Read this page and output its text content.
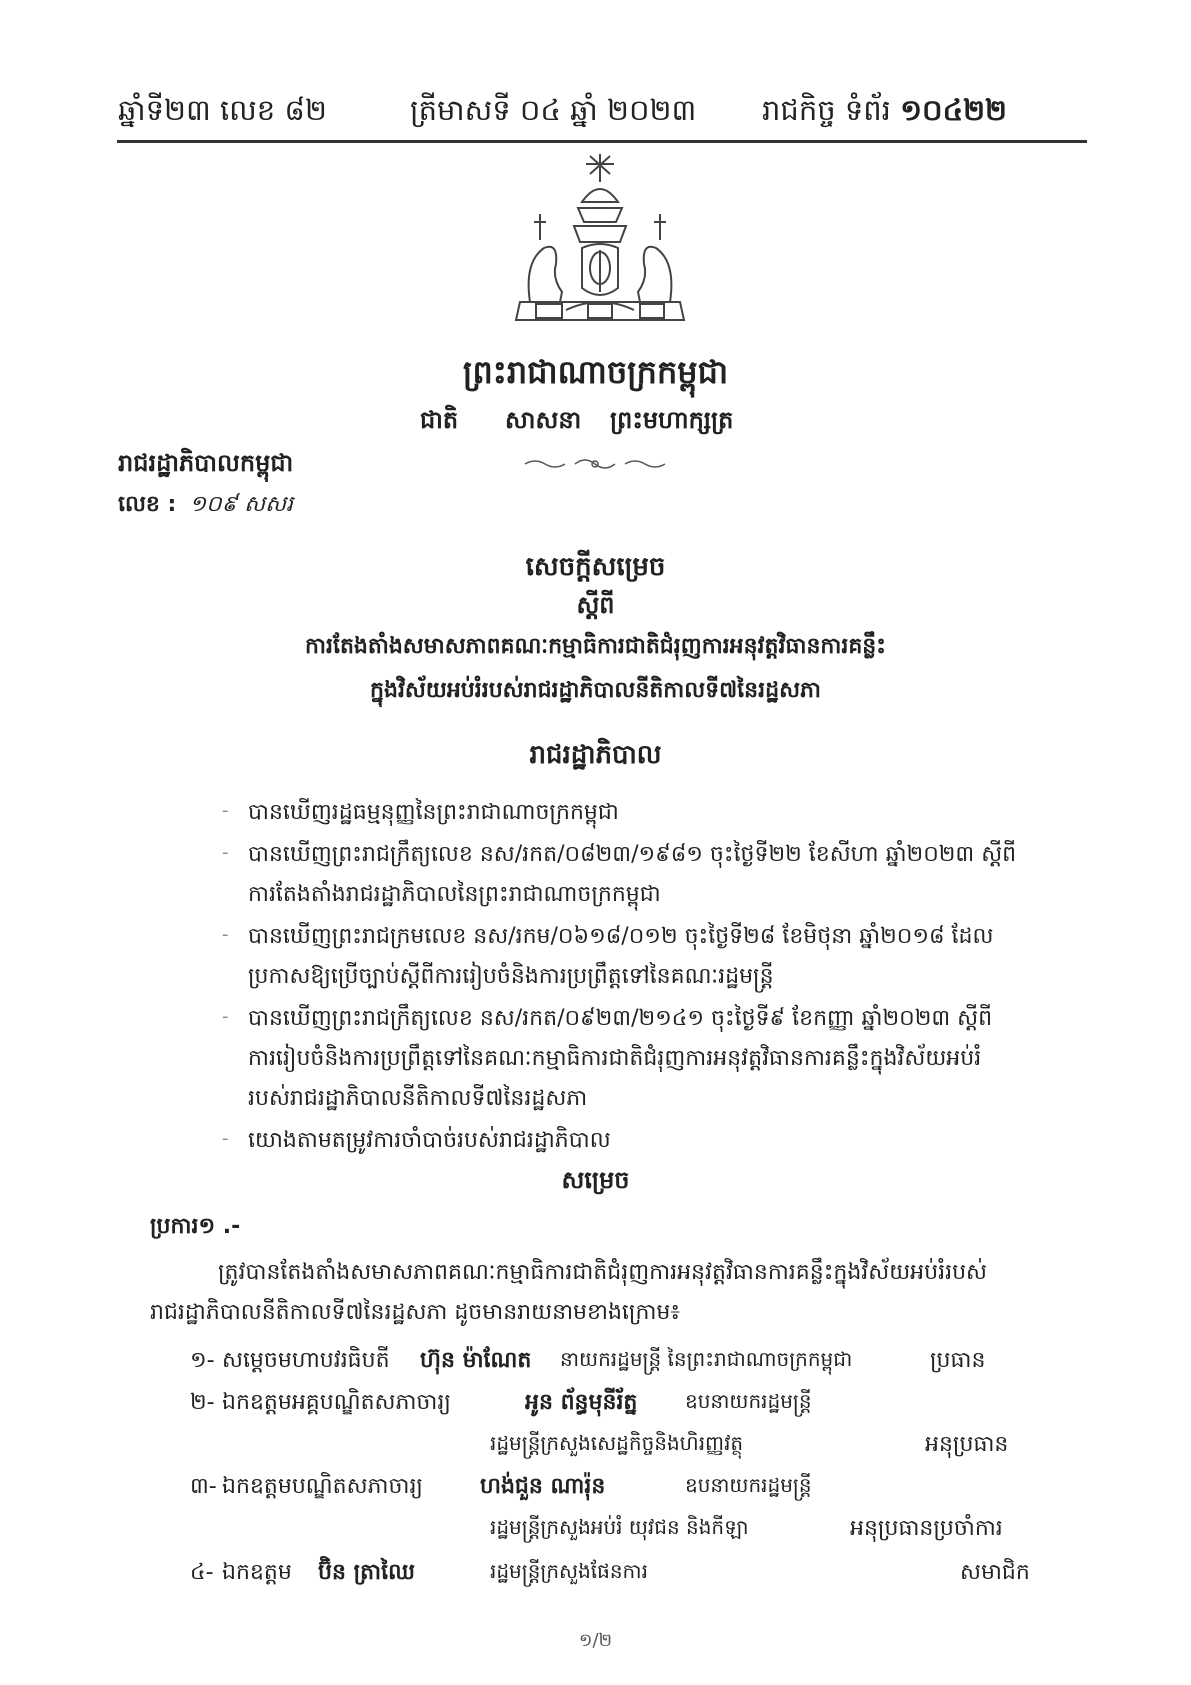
ឆ្នាំទី២៣ លេខ ៨២	ត្រីមាសទី ០៤ ឆ្នាំ ២០២៣ រាជកិច្ច ទំព័រ ១០៤២២
ព្រះរាជាណាចក្រកម្ពុជា
ជាតិ សាសនា ព្រះមហាក្សត្រ
រាជរដ្ឋាភិបាលកម្ពុជា
លេខ : ១០៩ សសរ
សេចក្តីសម្រេច
ស្តីពី
ការតែងតាំងសមាសភាពគណៈកម្មាធិការជាតិជំរុញការអនុវត្តវិធានការគន្លឹះ
ក្នុងវិស័យអប់រំរបស់រាជរដ្ឋាភិបាលនីតិកាលទី៧នៃរដ្ឋសភា
រាជរដ្ឋាភិបាល
- បានឃើញរដ្ឋធម្មនុញ្ញនៃព្រះរាជាណាចក្រកម្ពុជា
- បានឃើញព្រះរាជក្រឹត្យលេខ នស/រកត/០៨២៣/១៩៨១ ចុះថ្ងៃទី២២ ខែសីហា ឆ្នាំ២០២៣ ស្តីពី
ការតែងតាំងរាជរដ្ឋាភិបាលនៃព្រះរាជាណាចក្រកម្ពុជា
- បានឃើញព្រះរាជក្រមលេខ នស/រកម/០៦១៨/០១២ ចុះថ្ងៃទី២៨ ខែមិថុនា ឆ្នាំ២០១៨ ដែល
ប្រកាសឱ្យប្រើច្បាប់ស្តីពីការរៀបចំនិងការប្រព្រឹត្តទៅនៃគណៈរដ្ឋមន្ត្រី
- បានឃើញព្រះរាជក្រឹត្យលេខ នស/រកត/០៩២៣/២១៤១ ចុះថ្ងៃទី៩ ខែកញ្ញា ឆ្នាំ២០២៣ ស្តីពី
ការរៀបចំនិងការប្រព្រឹត្តទៅនៃគណៈកម្មាធិការជាតិជំរុញការអនុវត្តវិធានការគន្លឹះក្នុងវិស័យអប់រំ
របស់រាជរដ្ឋាភិបាលនីតិកាលទី៧នៃរដ្ឋសភា
- យោងតាមតម្រូវការចាំបាច់របស់រាជរដ្ឋាភិបាល
សម្រេច
ប្រការ១ .-
ត្រូវបានតែងតាំងសមាសភាពគណៈកម្មាធិការជាតិជំរុញការអនុវត្តវិធានការគន្លឹះក្នុងវិស័យអប់រំរបស់
រាជរដ្ឋាភិបាលនីតិកាលទី៧នៃរដ្ឋសភា ដូចមានរាយនាមខាងក្រោម៖
១- សម្តេចមហាបវរធិបតី ហ៊ុន ម៉ាណែត នាយករដ្ឋមន្ត្រី នៃព្រះរាជាណាចក្រកម្ពុជា	ប្រធាន
២- ឯកឧត្តមអគ្គបណ្ឌិតសភាចារ្យ	អូន ព័ន្ធមុនីរ័ត្ន ឧបនាយករដ្ឋមន្ត្រី
រដ្ឋមន្ត្រីក្រសួងសេដ្ឋកិច្ចនិងហិរញ្ញវត្ថុ	អនុប្រធាន
៣- ឯកឧត្តមបណ្ឌិតសភាចារ្យ	ហង់ជួន ណារ៉ុន	ឧបនាយករដ្ឋមន្ត្រី
រដ្ឋមន្ត្រីក្រសួងអប់រំ យុវជន និងកីឡា	អនុប្រធានប្រចាំការ
៤- ឯកឧត្តម ប៊ិន ត្រាឈៃ	រដ្ឋមន្ត្រីក្រសួងផែនការ	សមាជិក
១/២
